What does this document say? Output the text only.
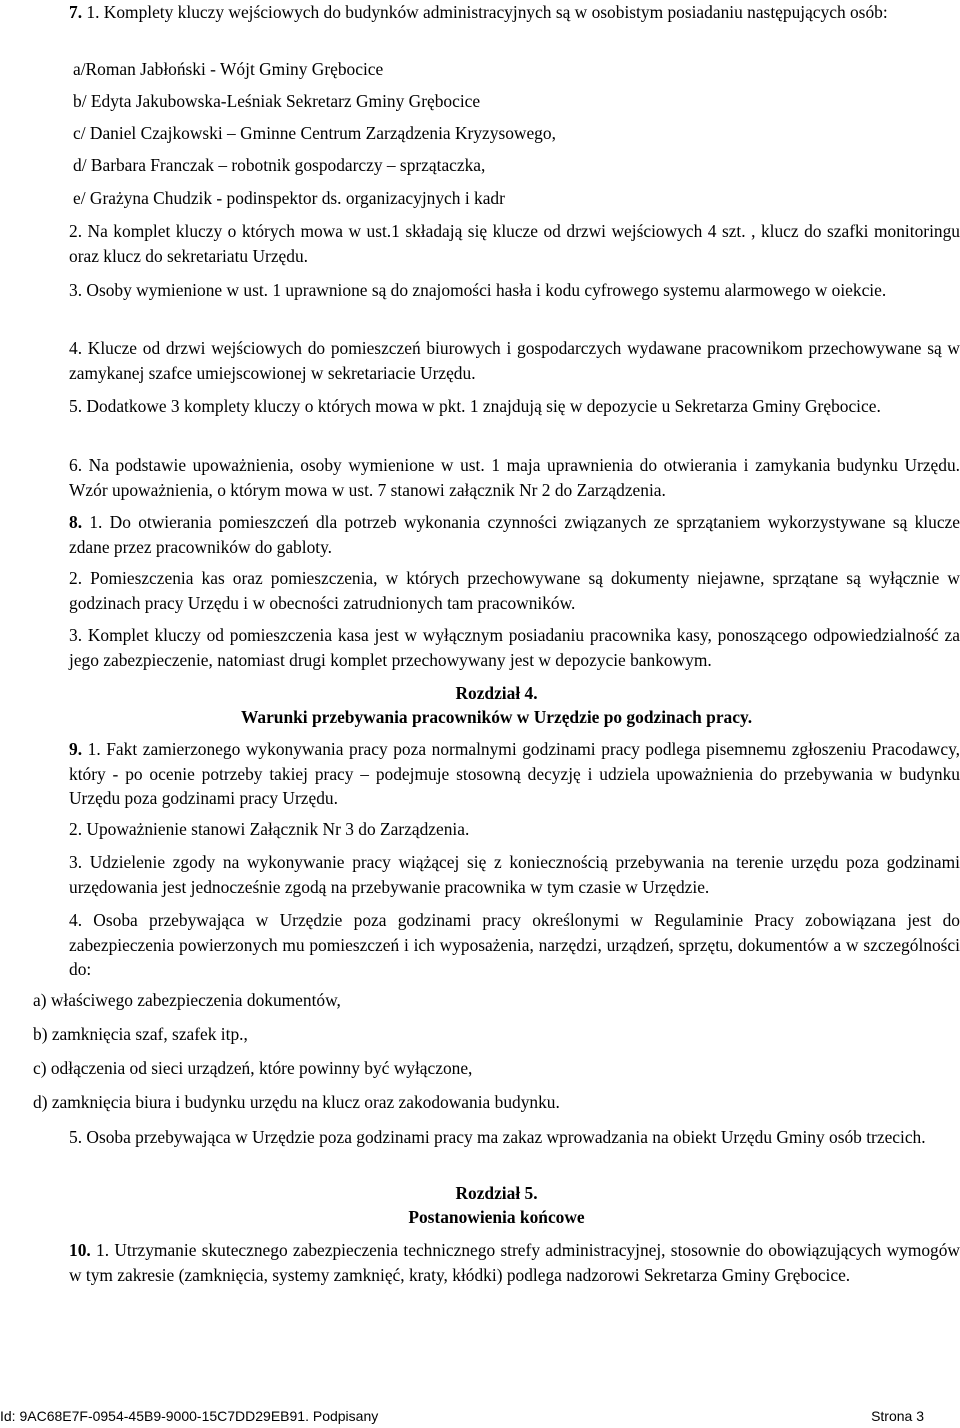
7. 1. Komplety kluczy wejściowych do budynków administracyjnych są w osobistym posiadaniu następujących osób:

a/Roman Jabłoński - Wójt Gminy Grębocice

b/ Edyta Jakubowska-Leśniak Sekretarz Gminy Grębocice

c/ Daniel Czajkowski – Gminne Centrum Zarządzenia Kryzysowego,

d/ Barbara Franczak – robotnik gospodarczy – sprzątaczka,

e/ Grażyna Chudzik - podinspektor ds. organizacyjnych i kadr

2. Na komplet kluczy o których mowa w ust.1 składają się klucze od drzwi wejściowych 4 szt. , klucz do szafki monitoringu oraz klucz do sekretariatu Urzędu.

3. Osoby wymienione w ust. 1 uprawnione są do znajomości hasła i kodu cyfrowego systemu alarmowego w oiekcie.

4. Klucze od drzwi wejściowych do pomieszczeń biurowych i gospodarczych wydawane pracownikom przechowywane są w zamykanej szafce umiejscowionej w sekretariacie Urzędu.

5. Dodatkowe 3 komplety kluczy o których mowa w pkt. 1 znajdują się w depozycie u Sekretarza Gminy Grębocice.

6. Na podstawie upoważnienia, osoby wymienione w ust. 1 maja uprawnienia do otwierania i zamykania budynku Urzędu. Wzór upoważnienia, o którym mowa w ust. 7 stanowi załącznik Nr 2 do Zarządzenia.

8. 1. Do otwierania pomieszczeń dla potrzeb wykonania czynności związanych ze sprzątaniem wykorzystywane są klucze zdane przez pracowników do gabloty.

2. Pomieszczenia kas oraz pomieszczenia, w których przechowywane są dokumenty niejawne, sprzątane są wyłącznie w godzinach pracy Urzędu i w obecności zatrudnionych tam pracowników.

3. Komplet kluczy od pomieszczenia kasa jest w wyłącznym posiadaniu pracownika kasy, ponoszącego odpowiedzialność za jego zabezpieczenie, natomiast drugi komplet przechowywany jest w depozycie bankowym.

Rozdział 4.

Warunki przebywania pracowników w Urzędzie po godzinach pracy.

9. 1. Fakt zamierzonego wykonywania pracy poza normalnymi godzinami pracy podlega pisemnemu zgłoszeniu Pracodawcy, który - po ocenie potrzeby takiej pracy – podejmuje stosowną decyzję i udziela upoważnienia do przebywania w budynku Urzędu poza godzinami pracy Urzędu.

2. Upoważnienie stanowi Załącznik Nr 3 do Zarządzenia.

3. Udzielenie zgody na wykonywanie pracy wiążącej się z koniecznością przebywania na terenie urzędu poza godzinami urzędowania jest jednocześnie zgodą na przebywanie pracownika w tym czasie w Urzędzie.

4. Osoba przebywająca w Urzędzie poza godzinami pracy określonymi w Regulaminie Pracy zobowiązana jest do zabezpieczenia powierzonych mu pomieszczeń i ich wyposażenia, narzędzi, urządzeń, sprzętu, dokumentów a w szczególności do:

a) właściwego zabezpieczenia dokumentów,

b) zamknięcia szaf, szafek itp.,

c) odłączenia od sieci urządzeń, które powinny być wyłączone,

d) zamknięcia biura i budynku urzędu na klucz oraz zakodowania budynku.

5. Osoba przebywająca w Urzędzie poza godzinami pracy ma zakaz wprowadzania na obiekt Urzędu Gminy osób trzecich.

Rozdział 5.

Postanowienia końcowe

10. 1. Utrzymanie skutecznego zabezpieczenia technicznego strefy administracyjnej, stosownie do obowiązujących wymogów w tym zakresie (zamknięcia, systemy zamknięć, kraty, kłódki) podlega nadzorowi Sekretarza Gminy Grębocice.

Id: 9AC68E7F-0954-45B9-9000-15C7DD29EB91. Podpisany	Strona 3
